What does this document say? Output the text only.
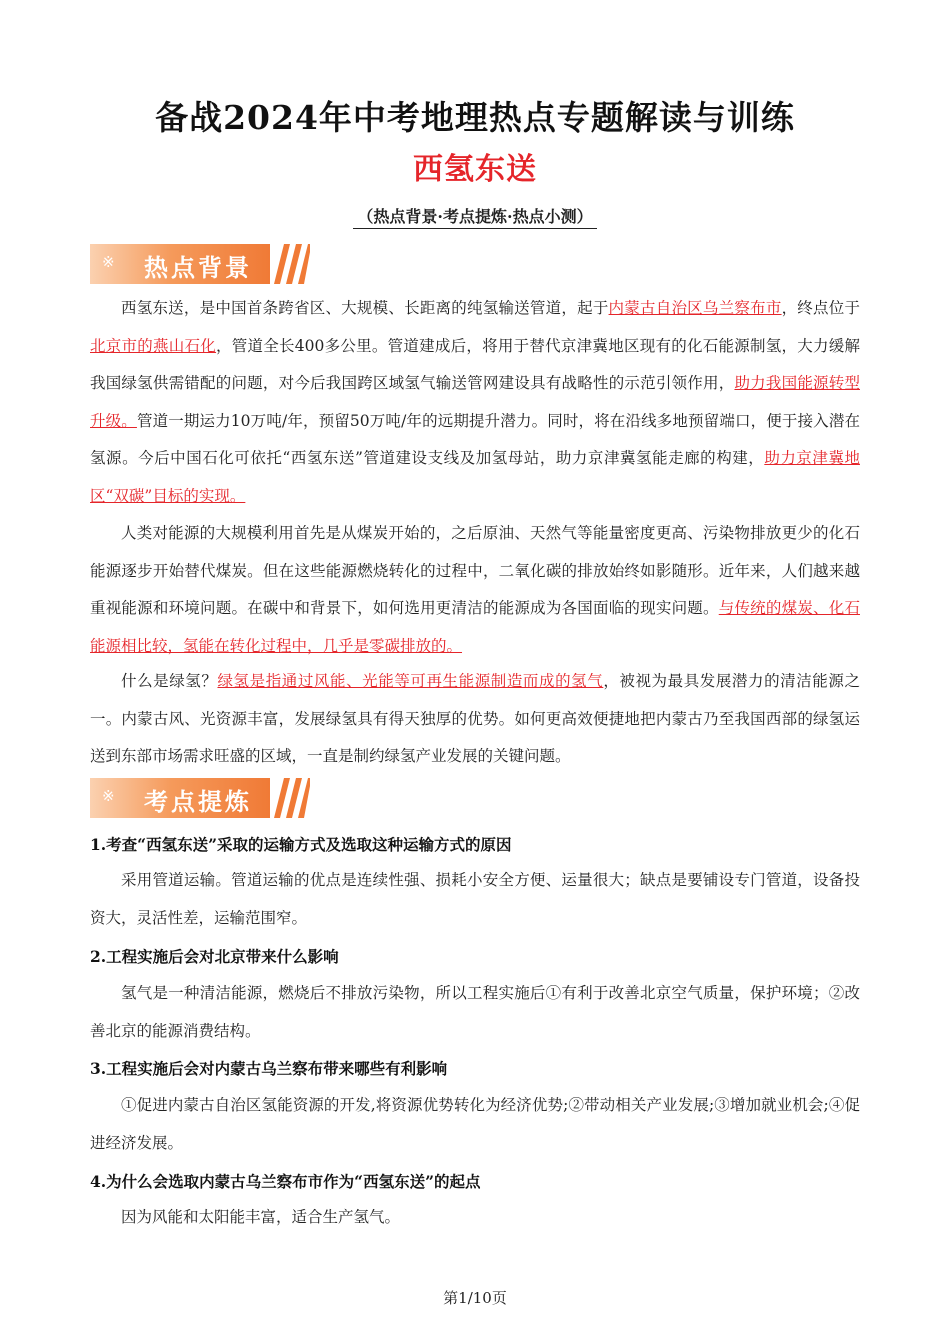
备战2024年中考地理热点专题解读与训练
西氢东送
（热点背景·考点提炼·热点小测）
※ 热点背景
西氢东送，是中国首条跨省区、大规模、长距离的纯氢输送管道，起于内蒙古自治区乌兰察布市，终点位于北京市的燕山石化，管道全长400多公里。管道建成后，将用于替代京津冀地区现有的化石能源制氢，大力缓解我国绿氢供需错配的问题，对今后我国跨区域氢气输送管网建设具有战略性的示范引领作用，助力我国能源转型升级。管道一期运力10万吨/年，预留50万吨/年的远期提升潜力。同时，将在沿线多地预留端口，便于接入潜在氢源。今后中国石化可依托“西氢东送”管道建设支线及加氢母站，助力京津冀氢能走廊的构建，助力京津冀地区“双碳”目标的实现。
人类对能源的大规模利用首先是从煤炭开始的，之后原油、天然气等能量密度更高、污染物排放更少的化石能源逐步开始替代煤炭。但在这些能源燃烧转化的过程中，二氧化碳的排放始终如影随形。近年来，人们越来越重视能源和环境问题。在碳中和背景下，如何选用更清洁的能源成为各国面临的现实问题。与传统的煤炭、化石能源相比较，氢能在转化过程中，几乎是零碳排放的。
什么是绿氢？绿氢是指通过风能、光能等可再生能源制造而成的氢气，被视为最具发展潜力的清洁能源之一。内蒙古风、光资源丰富，发展绿氢具有得天独厚的优势。如何更高效便捷地把内蒙古乃至我国西部的绿氢运送到东部市场需求旺盛的区域，一直是制约绿氢产业发展的关键问题。
※ 考点提炼
1.考查“西氢东送”采取的运输方式及选取这种运输方式的原因
采用管道运输。管道运输的优点是连续性强、损耗小安全方便、运量很大；缺点是要铺设专门管道，设备投资大，灵活性差，运输范围窄。
2.工程实施后会对北京带来什么影响
氢气是一种清洁能源，燃烧后不排放污染物，所以工程实施后①有利于改善北京空气质量，保护环境；②改善北京的能源消费结构。
3.工程实施后会对内蒙古乌兰察布带来哪些有利影响
①促进内蒙古自治区氢能资源的开发,将资源优势转化为经济优势;②带动相关产业发展;③增加就业机会;④促进经济发展。
4.为什么会选取内蒙古乌兰察布市作为“西氢东送”的起点
因为风能和太阳能丰富，适合生产氢气。
第1/10页
